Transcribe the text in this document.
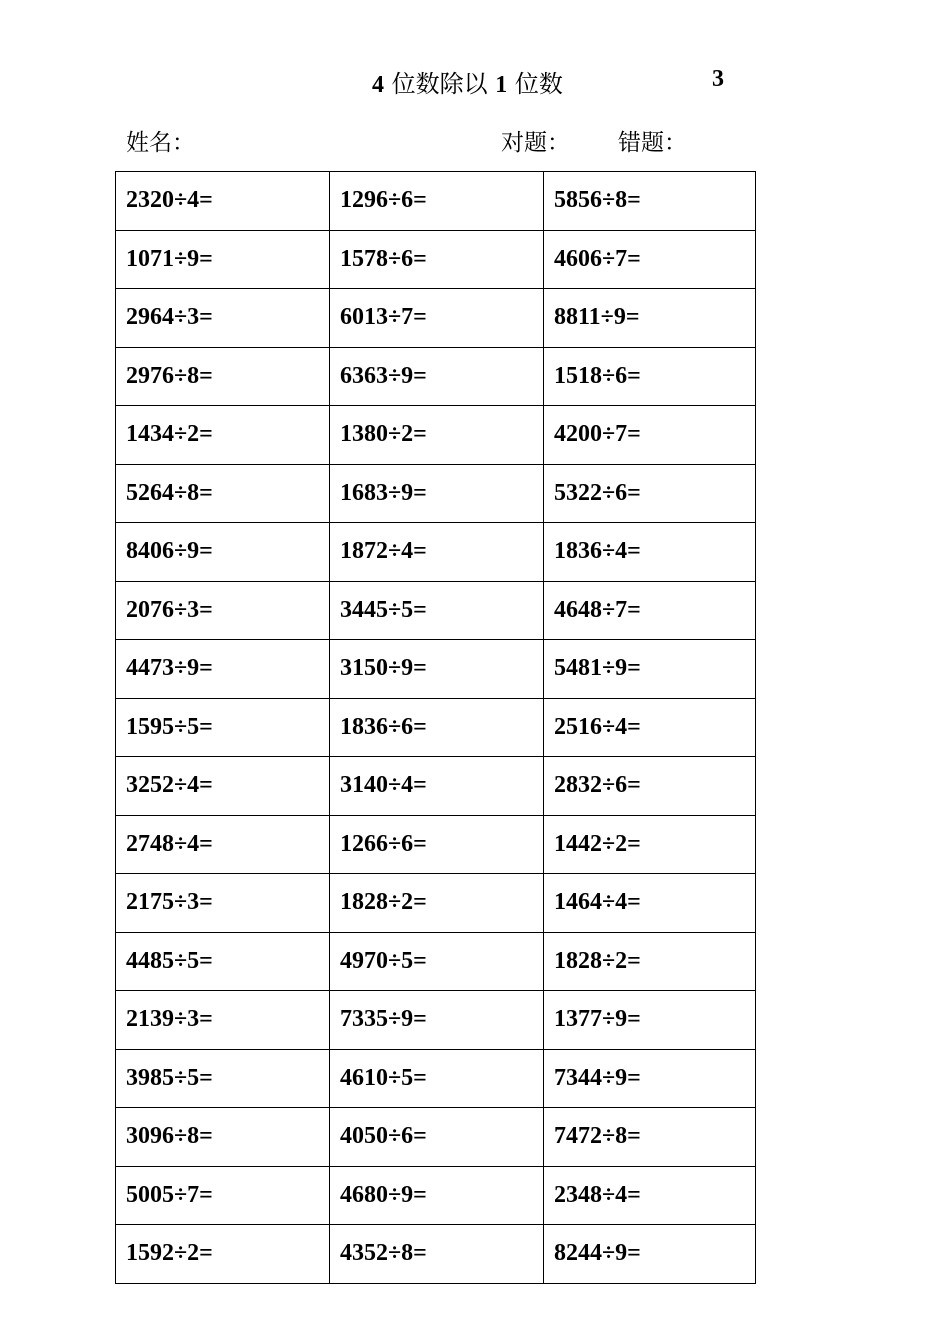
4 位数除以 1 位数	3
姓名：	对题： 错题：
2320÷4=	1296÷6=	5856÷8=
1071÷9=	1578÷6=	4606÷7=
2964÷3=	6013÷7=	8811÷9=
2976÷8=	6363÷9=	1518÷6=
1434÷2=	1380÷2=	4200÷7=
5264÷8=	1683÷9=	5322÷6=
8406÷9=	1872÷4=	1836÷4=
2076÷3=	3445÷5=	4648÷7=
4473÷9=	3150÷9=	5481÷9=
1595÷5=	1836÷6=	2516÷4=
3252÷4=	3140÷4=	2832÷6=
2748÷4=	1266÷6=	1442÷2=
2175÷3=	1828÷2=	1464÷4=
4485÷5=	4970÷5=	1828÷2=
2139÷3=	7335÷9=	1377÷9=
3985÷5=	4610÷5=	7344÷9=
3096÷8=	4050÷6=	7472÷8=
5005÷7=	4680÷9=	2348÷4=
1592÷2=	4352÷8=	8244÷9=
